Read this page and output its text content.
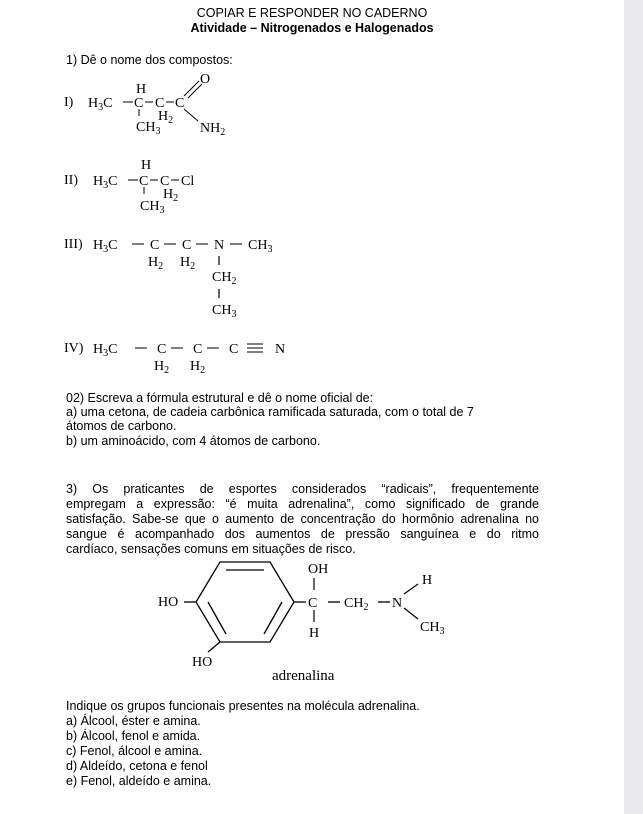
COPIAR E RESPONDER NO CADERNO
Atividade – Nitrogenados e Halogenados
1) Dê o nome dos compostos:
I) $H_3C$ C
H
$CH_3$
C
$H_2$
C
O
$NH_2$
II) $H_3C$ C
H
$CH_3$
C
$H_2$
Cl
III) $H_3C$ C
$H_2$
C
$H_2$
N $CH_3$
$CH_2$
$CH_3$
IV) $H_3C$	C
$H_2$
C
$H_2$
C	N
02) Escreva a fórmula estrutural e dê o nome oficial de:
a) uma cetona, de cadeia carbônica ramificada saturada, com o total de 7
átomos de carbono.
b) um aminoácido, com 4 átomos de carbono.
3) Os praticantes de esportes considerados “radicais”, frequentemente
empregam a expressão: “é muita adrenalina”, como significado de grande
satisfação. Sabe-se que o aumento de concentração do hormônio adrenalina no
sangue é acompanhado dos aumentos de pressão sanguínea e do ritmo
cardíaco, sensações comuns em situações de risco.
HO
HO
C
OH
H
$CH_2$ N
H
$CH_3$
adrenalina
Indique os grupos funcionais presentes na molécula adrenalina.
a) Álcool, éster e amina.
b) Álcool, fenol e amida.
c) Fenol, álcool e amina.
d) Aldeído, cetona e fenol
e) Fenol, aldeído e amina.
